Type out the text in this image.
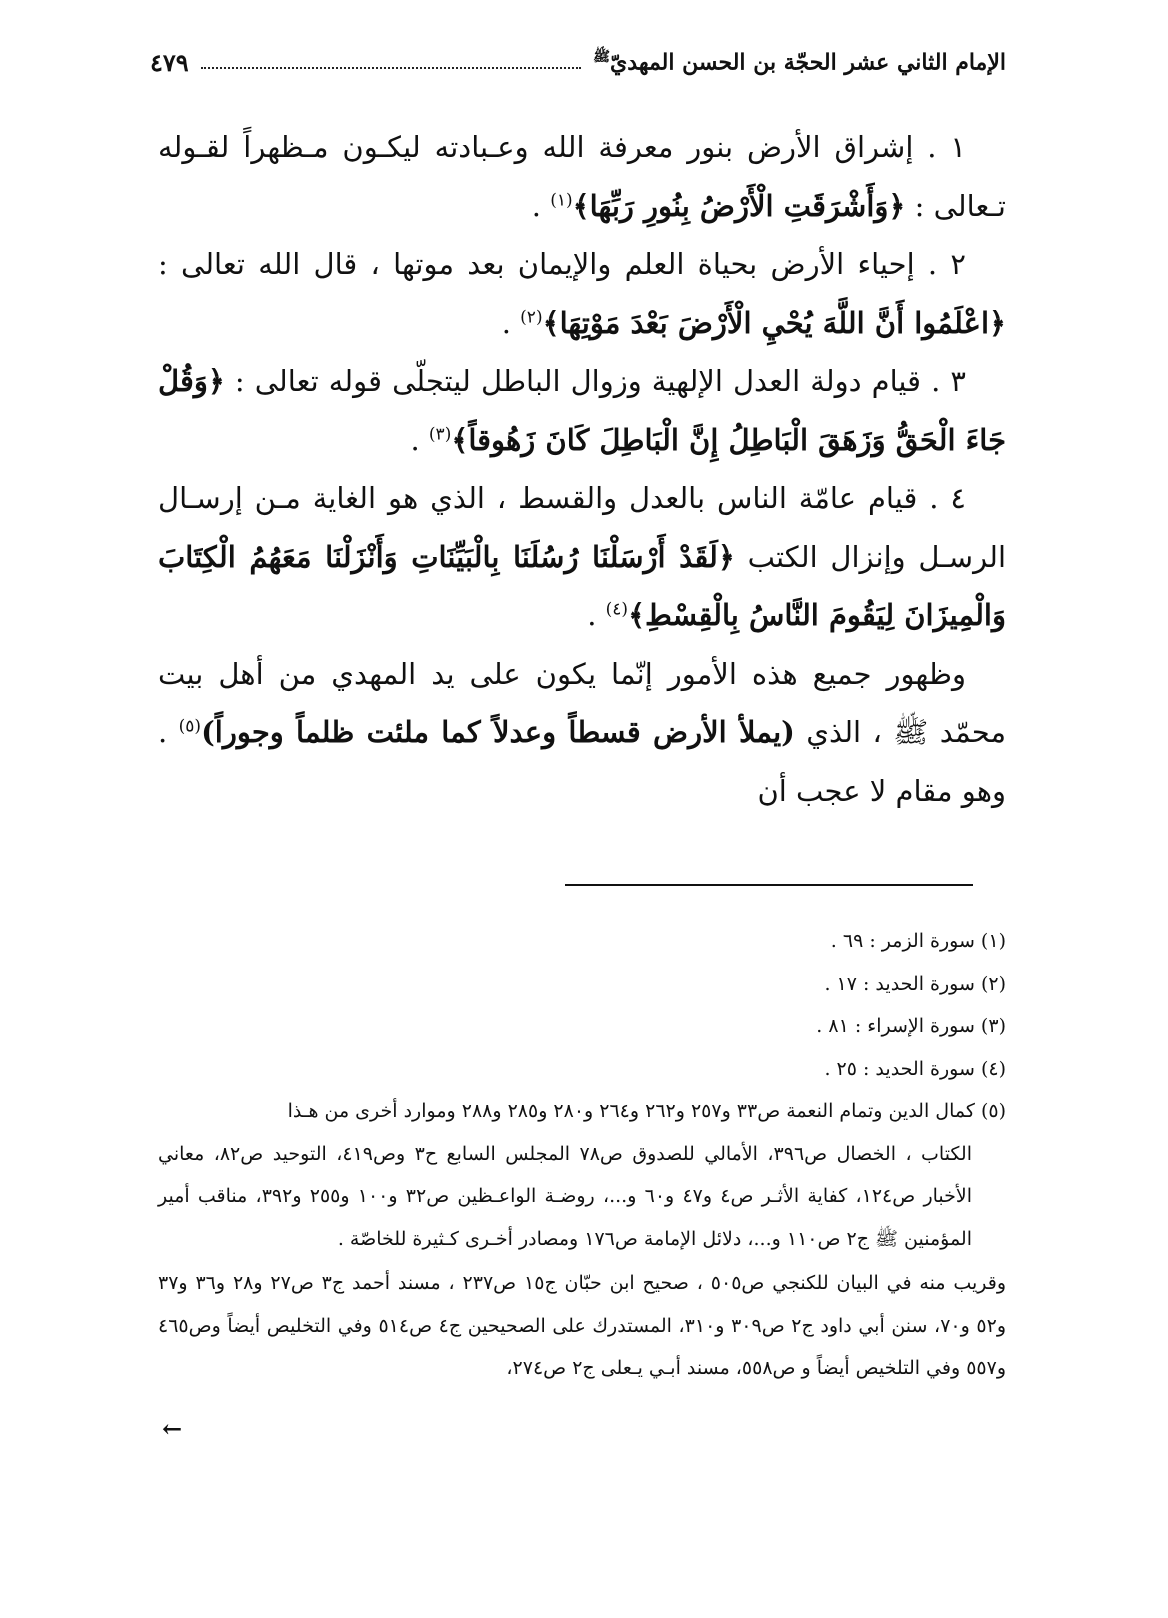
الإمام الثاني عشر الحجّة بن الحسن المهديّ$^ﷺ$
٤٧٩

١ . إشراق الأرض بنور معرفة الله وعـبادته ليكـون مـظهراً لقـوله تـعالى : ﴿وَأَشْرَقَتِ الْأَرْضُ بِنُورِ رَبِّهَا﴾$^{(١)}$ .

٢ . إحياء الأرض بحياة العلم والإيمان بعد موتها ، قال الله تعالى : ﴿اعْلَمُوا أَنَّ اللَّهَ يُحْيِ الْأَرْضَ بَعْدَ مَوْتِهَا﴾$^{(٢)}$ .

٣ . قيام دولة العدل الإلهية وزوال الباطل ليتجلّى قوله تعالى : ﴿وَقُلْ جَاءَ الْحَقُّ وَزَهَقَ الْبَاطِلُ إِنَّ الْبَاطِلَ كَانَ زَهُوقاً﴾$^{(٣)}$ .

٤ . قيام عامّة الناس بالعدل والقسط ، الذي هو الغاية مـن إرسـال الرسـل وإنزال الكتب ﴿لَقَدْ أَرْسَلْنَا رُسُلَنَا بِالْبَيِّنَاتِ وَأَنْزَلْنَا مَعَهُمُ الْكِتَابَ وَالْمِيزَانَ لِيَقُومَ النَّاسُ بِالْقِسْطِ﴾$^{(٤)}$ .

وظهور جميع هذه الأمور إنّما يكون على يد المهدي من أهل بيت محمّد ﷺ ، الذي (يملأ الأرض قسطاً وعدلاً كما ملئت ظلماً وجوراً)$^{(٥)}$ . وهو مقام لا عجب أن

(١) سورة الزمر : ٦٩ .

(٢) سورة الحديد : ١٧ .

(٣) سورة الإسراء : ٨١ .

(٤) سورة الحديد : ٢٥ .

(٥) كمال الدين وتمام النعمة ص٣٣ و٢٥٧ و٢٦٢ و٢٦٤ و٢٨٠ و٢٨٥ و٢٨٨ وموارد أخرى من هـذا

الكتاب ، الخصال ص٣٩٦، الأمالي للصدوق ص٧٨ المجلس السابع ح٣ وص٤١٩، التوحيد ص٨٢، معاني الأخبار ص١٢٤، كفاية الأثـر ص٤ و٤٧ و٦٠ و...، روضـة الواعـظين ص٣٢ و١٠٠ و٢٥٥ و٣٩٢، مناقب أمير المؤمنين ﷺ ج٢ ص١١٠ و...، دلائل الإمامة ص١٧٦ ومصادر أخـرى كـثيرة للخاصّة .

وقريب منه في البيان للكنجي ص٥٠٥ ، صحيح ابن حبّان ج١٥ ص٢٣٧ ، مسند أحمد ج٣ ص٢٧ و٢٨ و٣٦ و٣٧ و٥٢ و٧٠، سنن أبي داود ج٢ ص٣٠٩ و٣١٠، المستدرك على الصحيحين ج٤ ص٥١٤ وفي التخليص أيضاً وص٤٦٥ و٥٥٧ وفي التلخيص أيضاً و ص٥٥٨، مسند أبـي يـعلى ج٢ ص٢٧٤،

←
